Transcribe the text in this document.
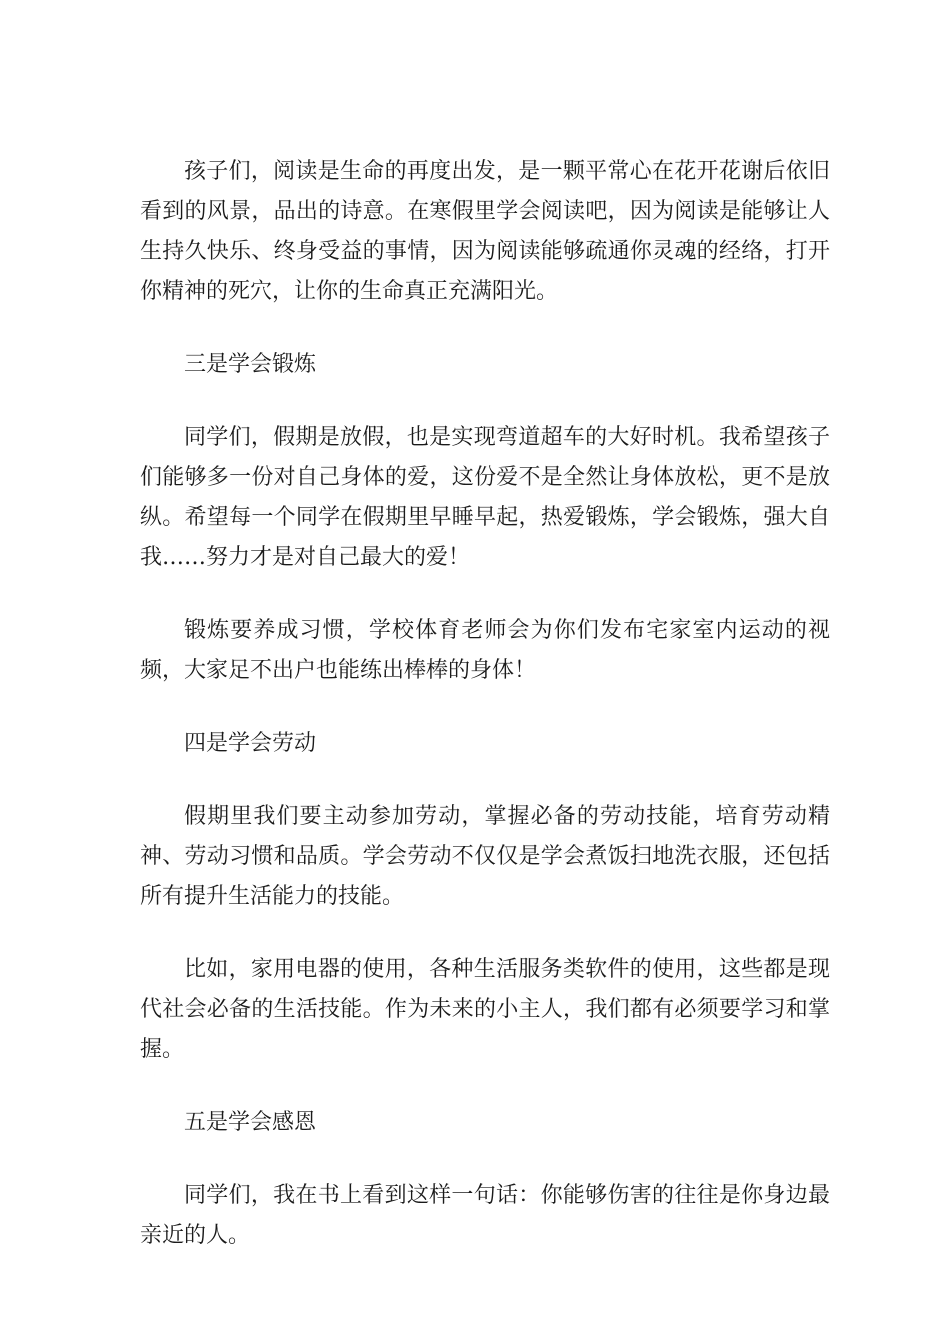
孩子们，阅读是生命的再度出发，是一颗平常心在花开花谢后依旧看到的风景，品出的诗意。在寒假里学会阅读吧，因为阅读是能够让人生持久快乐、终身受益的事情，因为阅读能够疏通你灵魂的经络，打开你精神的死穴，让你的生命真正充满阳光。

三是学会锻炼

同学们，假期是放假，也是实现弯道超车的大好时机。我希望孩子们能够多一份对自己身体的爱，这份爱不是全然让身体放松，更不是放纵。希望每一个同学在假期里早睡早起，热爱锻炼，学会锻炼，强大自我……努力才是对自己最大的爱！

锻炼要养成习惯，学校体育老师会为你们发布宅家室内运动的视频，大家足不出户也能练出棒棒的身体！

四是学会劳动

假期里我们要主动参加劳动，掌握必备的劳动技能，培育劳动精神、劳动习惯和品质。学会劳动不仅仅是学会煮饭扫地洗衣服，还包括所有提升生活能力的技能。

比如，家用电器的使用，各种生活服务类软件的使用，这些都是现代社会必备的生活技能。作为未来的小主人，我们都有必须要学习和掌握。

五是学会感恩

同学们，我在书上看到这样一句话：你能够伤害的往往是你身边最亲近的人。
